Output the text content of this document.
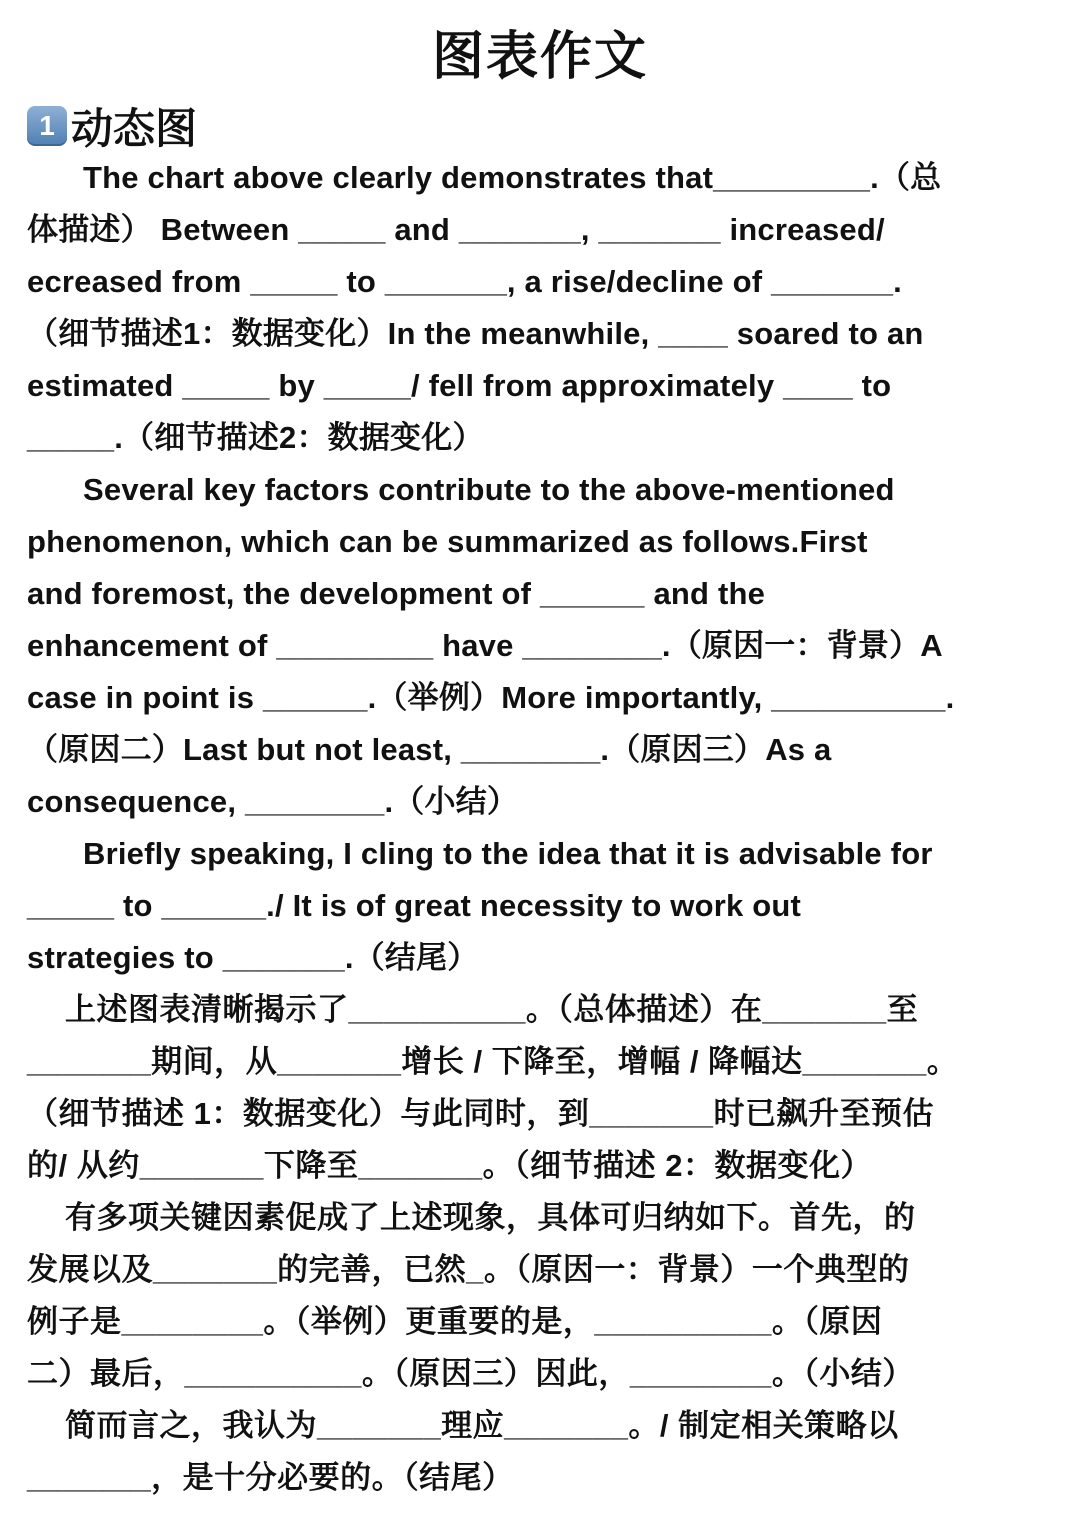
图表作文
1 动态图
The chart above clearly demonstrates that_________.（总
体描述） Between _____ and _______, _______ increased/
ecreased from _____ to _______, a rise/decline of _______.
（细节描述1：数据变化）In the meanwhile, ____ soared to an
estimated _____ by _____/ fell from approximately ____ to
_____.（细节描述2：数据变化）
Several key factors contribute to the above-mentioned
phenomenon, which can be summarized as follows.First
and foremost, the development of ______ and the
enhancement of _________ have ________.（原因一：背景）A
case in point is ______.（举例）More importantly, __________.
（原因二）Last but not least, ________.（原因三）As a
consequence, ________.（小结）
Briefly speaking, I cling to the idea that it is advisable for
_____ to ______./ It is of great necessity to work out
strategies to _______.（结尾）
上述图表清晰揭示了__________。（总体描述）在_______至
_______期间，从_______增长 / 下降至，增幅 / 降幅达_______。
（细节描述 1：数据变化）与此同时，到_______时已飙升至预估
的/ 从约_______下降至_______。（细节描述 2：数据变化）
有多项关键因素促成了上述现象，具体可归纳如下。首先，的
发展以及_______的完善，已然_。（原因一：背景）一个典型的
例子是________。（举例）更重要的是，__________。（原因
二）最后，__________。（原因三）因此，________。（小结）
简而言之，我认为_______理应_______。/ 制定相关策略以
_______，是十分必要的。（结尾）
